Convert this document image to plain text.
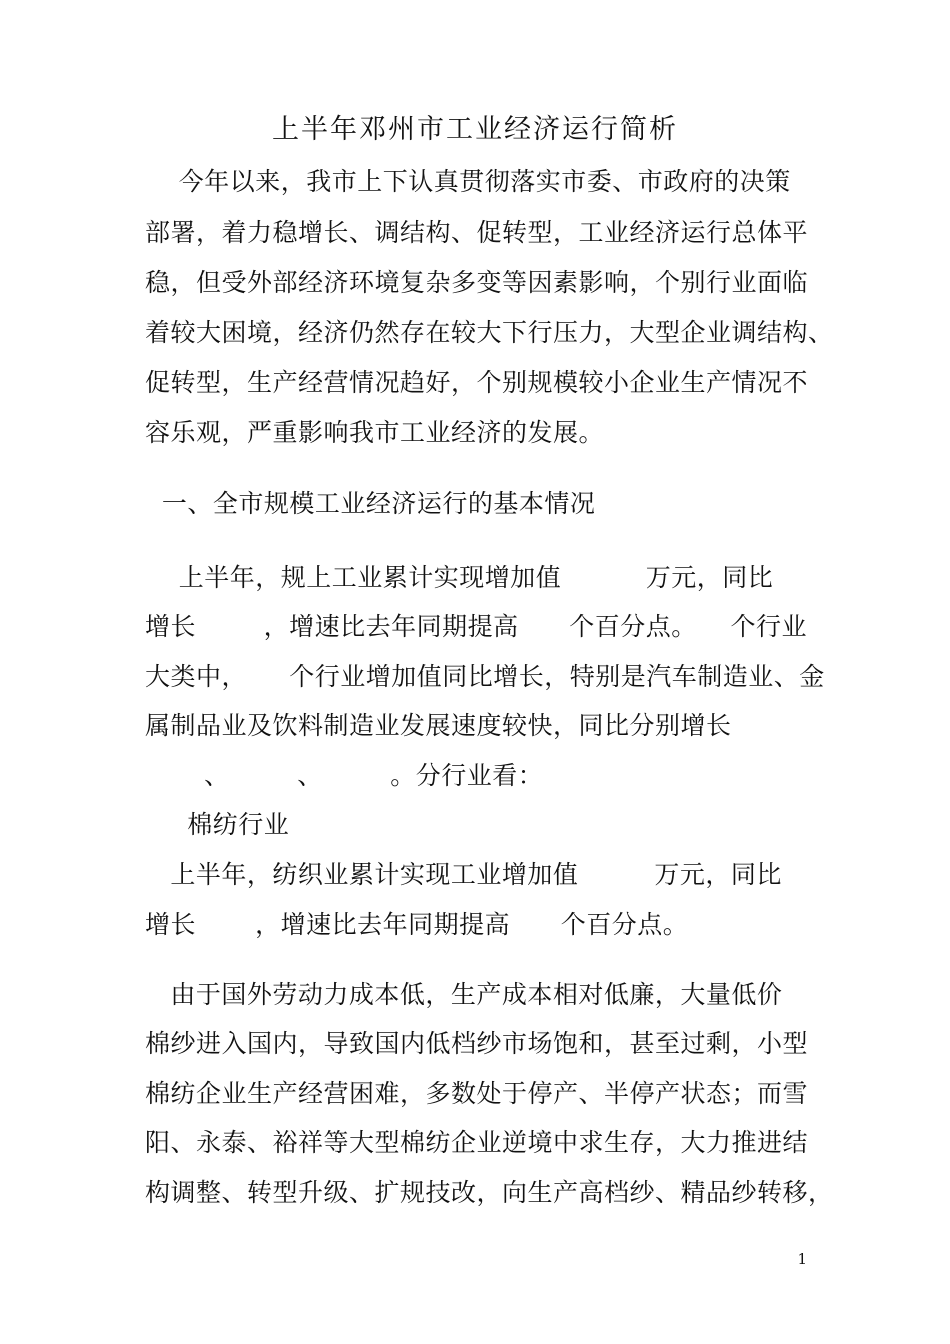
上半年邓州市工业经济运行简析
今年以来，我市上下认真贯彻落实市委、市政府的决策
部署，着力稳增长、调结构、促转型，工业经济运行总体平
稳，但受外部经济环境复杂多变等因素影响，个别行业面临
着较大困境，经济仍然存在较大下行压力，大型企业调结构、
促转型，生产经营情况趋好，个别规模较小企业生产情况不
容乐观，严重影响我市工业经济的发展。
一、全市规模工业经济运行的基本情况
上半年，规上工业累计实现增加值          万元，同比
增长        ，增速比去年同期提高      个百分点。    个行业
大类中，     个行业增加值同比增长，特别是汽车制造业、金
属制品业及饮料制造业发展速度较快，同比分别增长
、        、        。分行业看：
棉纺行业
上半年，纺织业累计实现工业增加值         万元，同比
增长       ，增速比去年同期提高      个百分点。
由于国外劳动力成本低，生产成本相对低廉，大量低价
棉纱进入国内，导致国内低档纱市场饱和，甚至过剩，小型
棉纺企业生产经营困难，多数处于停产、半停产状态；而雪
阳、永泰、裕祥等大型棉纺企业逆境中求生存，大力推进结
构调整、转型升级、扩规技改，向生产高档纱、精品纱转移，
1
